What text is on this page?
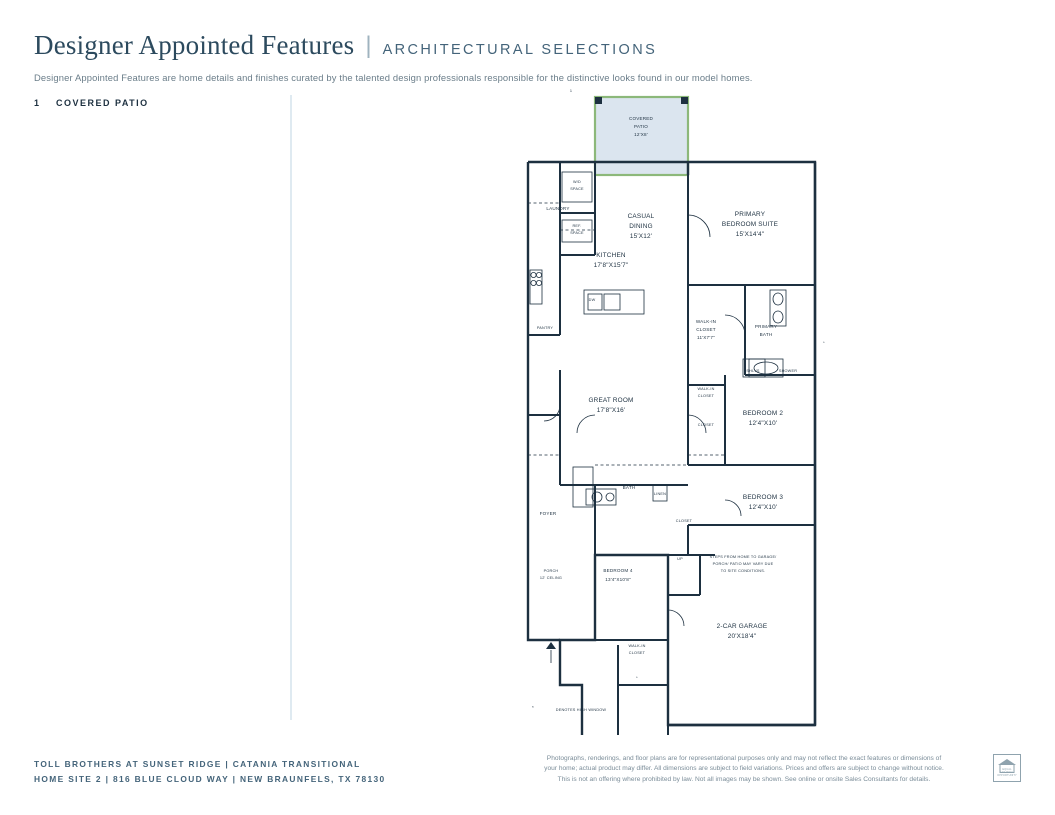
Designer Appointed Features | ARCHITECTURAL SELECTIONS
Designer Appointed Features are home details and finishes curated by the talented design professionals responsible for the distinctive looks found in our model homes.
1	COVERED PATIO
1
COVERED
PATIO
12'X8'
W/D
SPACE
LAUNDRY
REF.
SPACE
CASUAL
DINING
15'X12'
PRIMARY
BEDROOM SUITE
15'X14'4"
KITCHEN
17'8"X15'7"
DW
PANTRY
WALK-IN
CLOSET
11'X7'7"
PRIMARY
BATH
SHLVS	SHOWER
*
GREAT ROOM
17'8"X16'
WALK-IN
CLOSET
CLOSET
BEDROOM 2
12'4"X10'
BATH
LINEN
FOYER
BEDROOM 3
12'4"X10'
CLOSET
PORCH
12' CELING
BEDROOM 4
13'4"X10'8"
WALK-IN
CLOSET
*
UP	STEPS FROM HOME TO GARAGE/
PORCH/ PATIO MAY VARY DUE
TO SITE CONDITIONS.
2-CAR GARAGE
20'X18'4"
*	DENOTES HIGH WINDOW
TOLL BROTHERS AT SUNSET RIDGE | CATANIA TRANSITIONAL
HOME SITE 2 | 816 BLUE CLOUD WAY | NEW BRAUNFELS, TX 78130
Photographs, renderings, and floor plans are for representational purposes only and may not reflect the exact features or dimensions of
your home; actual product may differ. All dimensions are subject to field variations. Prices and offers are subject to change without notice.
This is not an offering where prohibited by law. Not all images may be shown. See online or onsite Sales Consultants for details.
EQUAL HOUSING OPPORTUNITY
